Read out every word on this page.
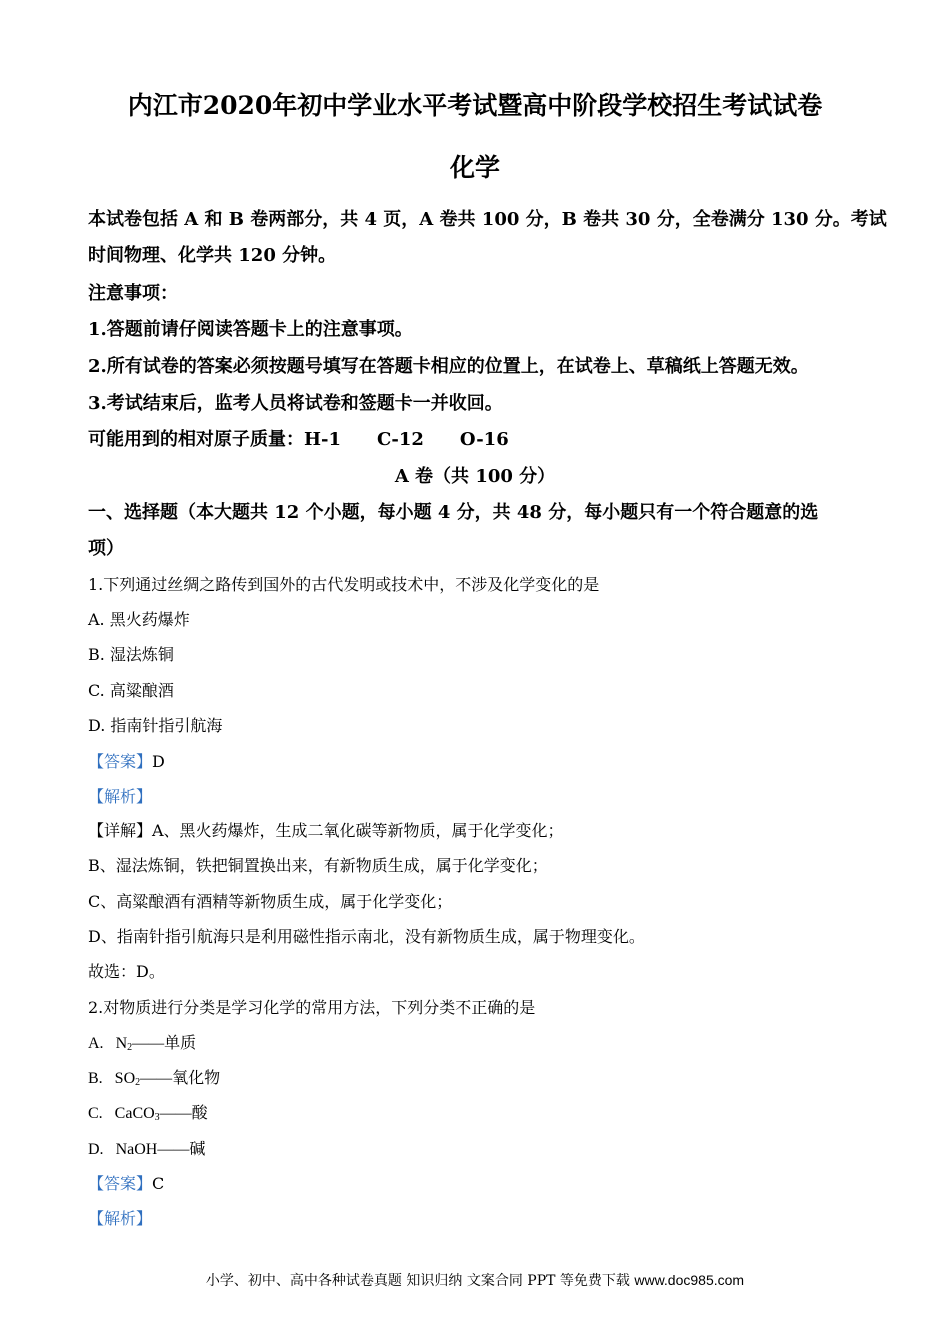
内江市2020年初中学业水平考试暨高中阶段学校招生考试试卷
化学
本试卷包括 A 和 B 卷两部分，共 4 页，A 卷共 100 分，B 卷共 30 分，全卷满分 130 分。考试
时间物理、化学共 120 分钟。
注意事项：
1.答题前请仔阅读答题卡上的注意事项。
2.所有试卷的答案必须按题号填写在答题卡相应的位置上，在试卷上、草稿纸上答题无效。
3.考试结束后，监考人员将试卷和签题卡一并收回。
可能用到的相对原子质量：H-1 C-12 O-16
A 卷（共 100 分）
一、选择题（本大题共 12 个小题，每小题 4 分，共 48 分，每小题只有一个符合题意的选
项）
1.下列通过丝绸之路传到国外的古代发明或技术中，不涉及化学变化的是
A. 黑火药爆炸
B. 湿法炼铜
C. 高粱酿酒
D. 指南针指引航海
【答案】D
【解析】
【详解】A、黑火药爆炸，生成二氧化碳等新物质，属于化学变化；
B、湿法炼铜，铁把铜置换出来，有新物质生成，属于化学变化；
C、高粱酿酒有酒精等新物质生成，属于化学变化；
D、指南针指引航海只是利用磁性指示南北，没有新物质生成，属于物理变化。
故选：D。
2.对物质进行分类是学习化学的常用方法，下列分类不正确的是
A. $N_2——$单质
B. $SO_2——$氧化物
C. CaCO$_3$——酸
D. NaOH——碱
【答案】C
【解析】
小学、初中、高中各种试卷真题 知识归纳 文案合同 PPT 等免费下载 www.doc985.com
